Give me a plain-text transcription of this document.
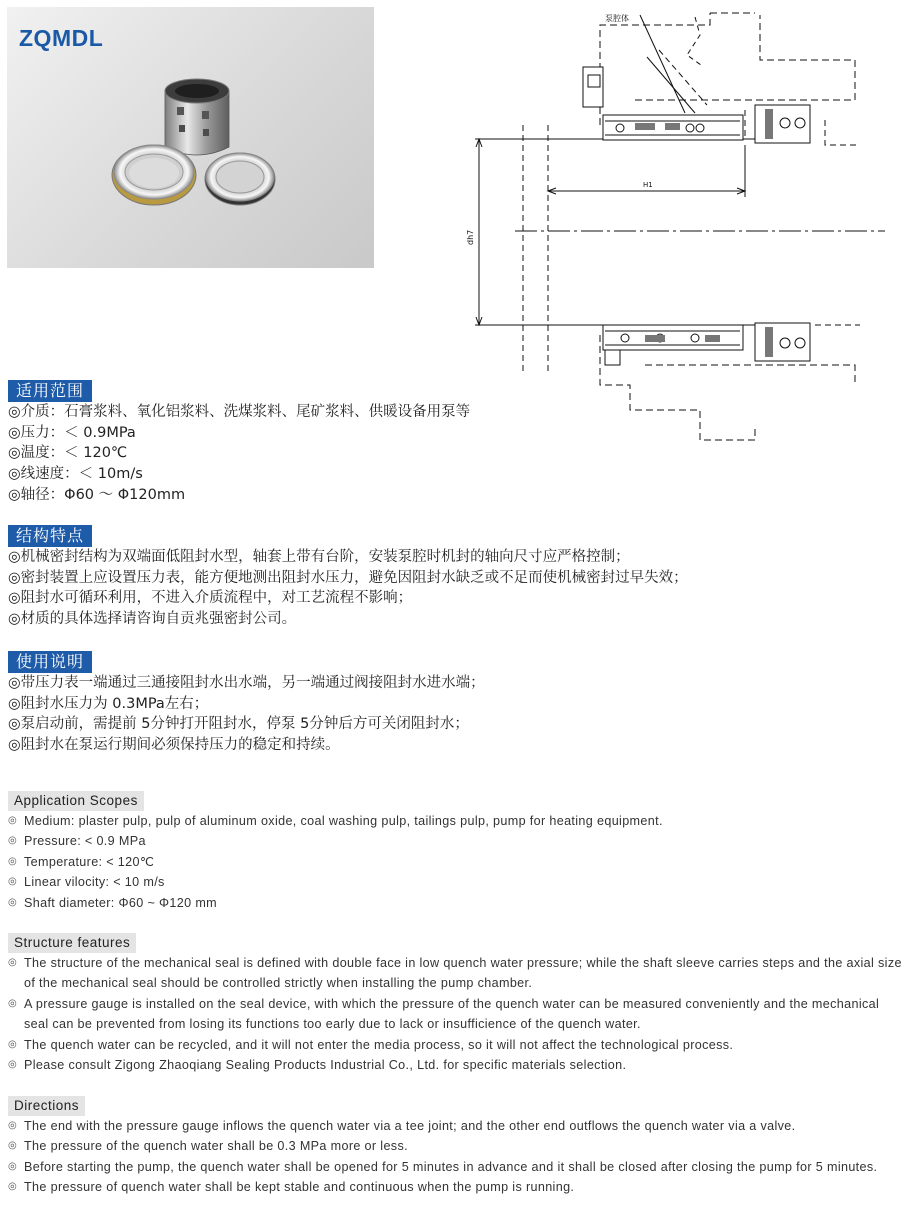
ZQMDL
泵腔体
H1
dh7
适用范围
◎介质：石膏浆料、氧化铝浆料、洗煤浆料、尾矿浆料、供暖设备用泵等
◎压力：＜ 0.9MPa
◎温度：＜ 120℃
◎线速度：＜ 10m/s
◎轴径：Φ60 ～ Φ120mm
结构特点
◎机械密封结构为双端面低阻封水型，轴套上带有台阶，安装泵腔时机封的轴向尺寸应严格控制；
◎密封装置上应设置压力表，能方便地测出阻封水压力，避免因阻封水缺乏或不足而使机械密封过早失效；
◎阻封水可循环利用，不进入介质流程中，对工艺流程不影响；
◎材质的具体选择请咨询自贡兆强密封公司。
使用说明
◎带压力表一端通过三通接阻封水出水端，另一端通过阀接阻封水进水端；
◎阻封水压力为 0.3MPa左右；
◎泵启动前，需提前 5分钟打开阻封水，停泵 5分钟后方可关闭阻封水；
◎阻封水在泵运行期间必须保持压力的稳定和持续。
Application Scopes
◎ Medium: plaster pulp, pulp of aluminum oxide, coal washing pulp, tailings pulp, pump for heating equipment.
◎ Pressure: < 0.9 MPa
◎ Temperature: < 120℃
◎ Linear vilocity: < 10 m/s
◎ Shaft diameter: Φ60 ~ Φ120 mm
Structure features
◎ The structure of the mechanical seal is defined with double face in low quench water pressure; while the shaft sleeve carries steps and the axial size of the mechanical seal should be controlled strictly when installing the pump chamber.
◎ A pressure gauge is installed on the seal device, with which the pressure of the quench water can be measured conveniently and the mechanical seal can be prevented from losing its functions too early due to lack or insufficience of the quench water.
◎ The quench water can be recycled, and it will not enter the media process, so it will not affect the technological process.
◎ Please consult Zigong Zhaoqiang Sealing Products Industrial Co., Ltd. for specific materials selection.
Directions
◎ The end with the pressure gauge inflows the quench water via a tee joint; and the other end outflows the quench water via a valve.
◎ The pressure of the quench water shall be 0.3 MPa more or less.
◎ Before starting the pump, the quench water shall be opened for 5 minutes in advance and it shall be closed after closing the pump for 5 minutes.
◎ The pressure of quench water shall be kept stable and continuous when the pump is running.
